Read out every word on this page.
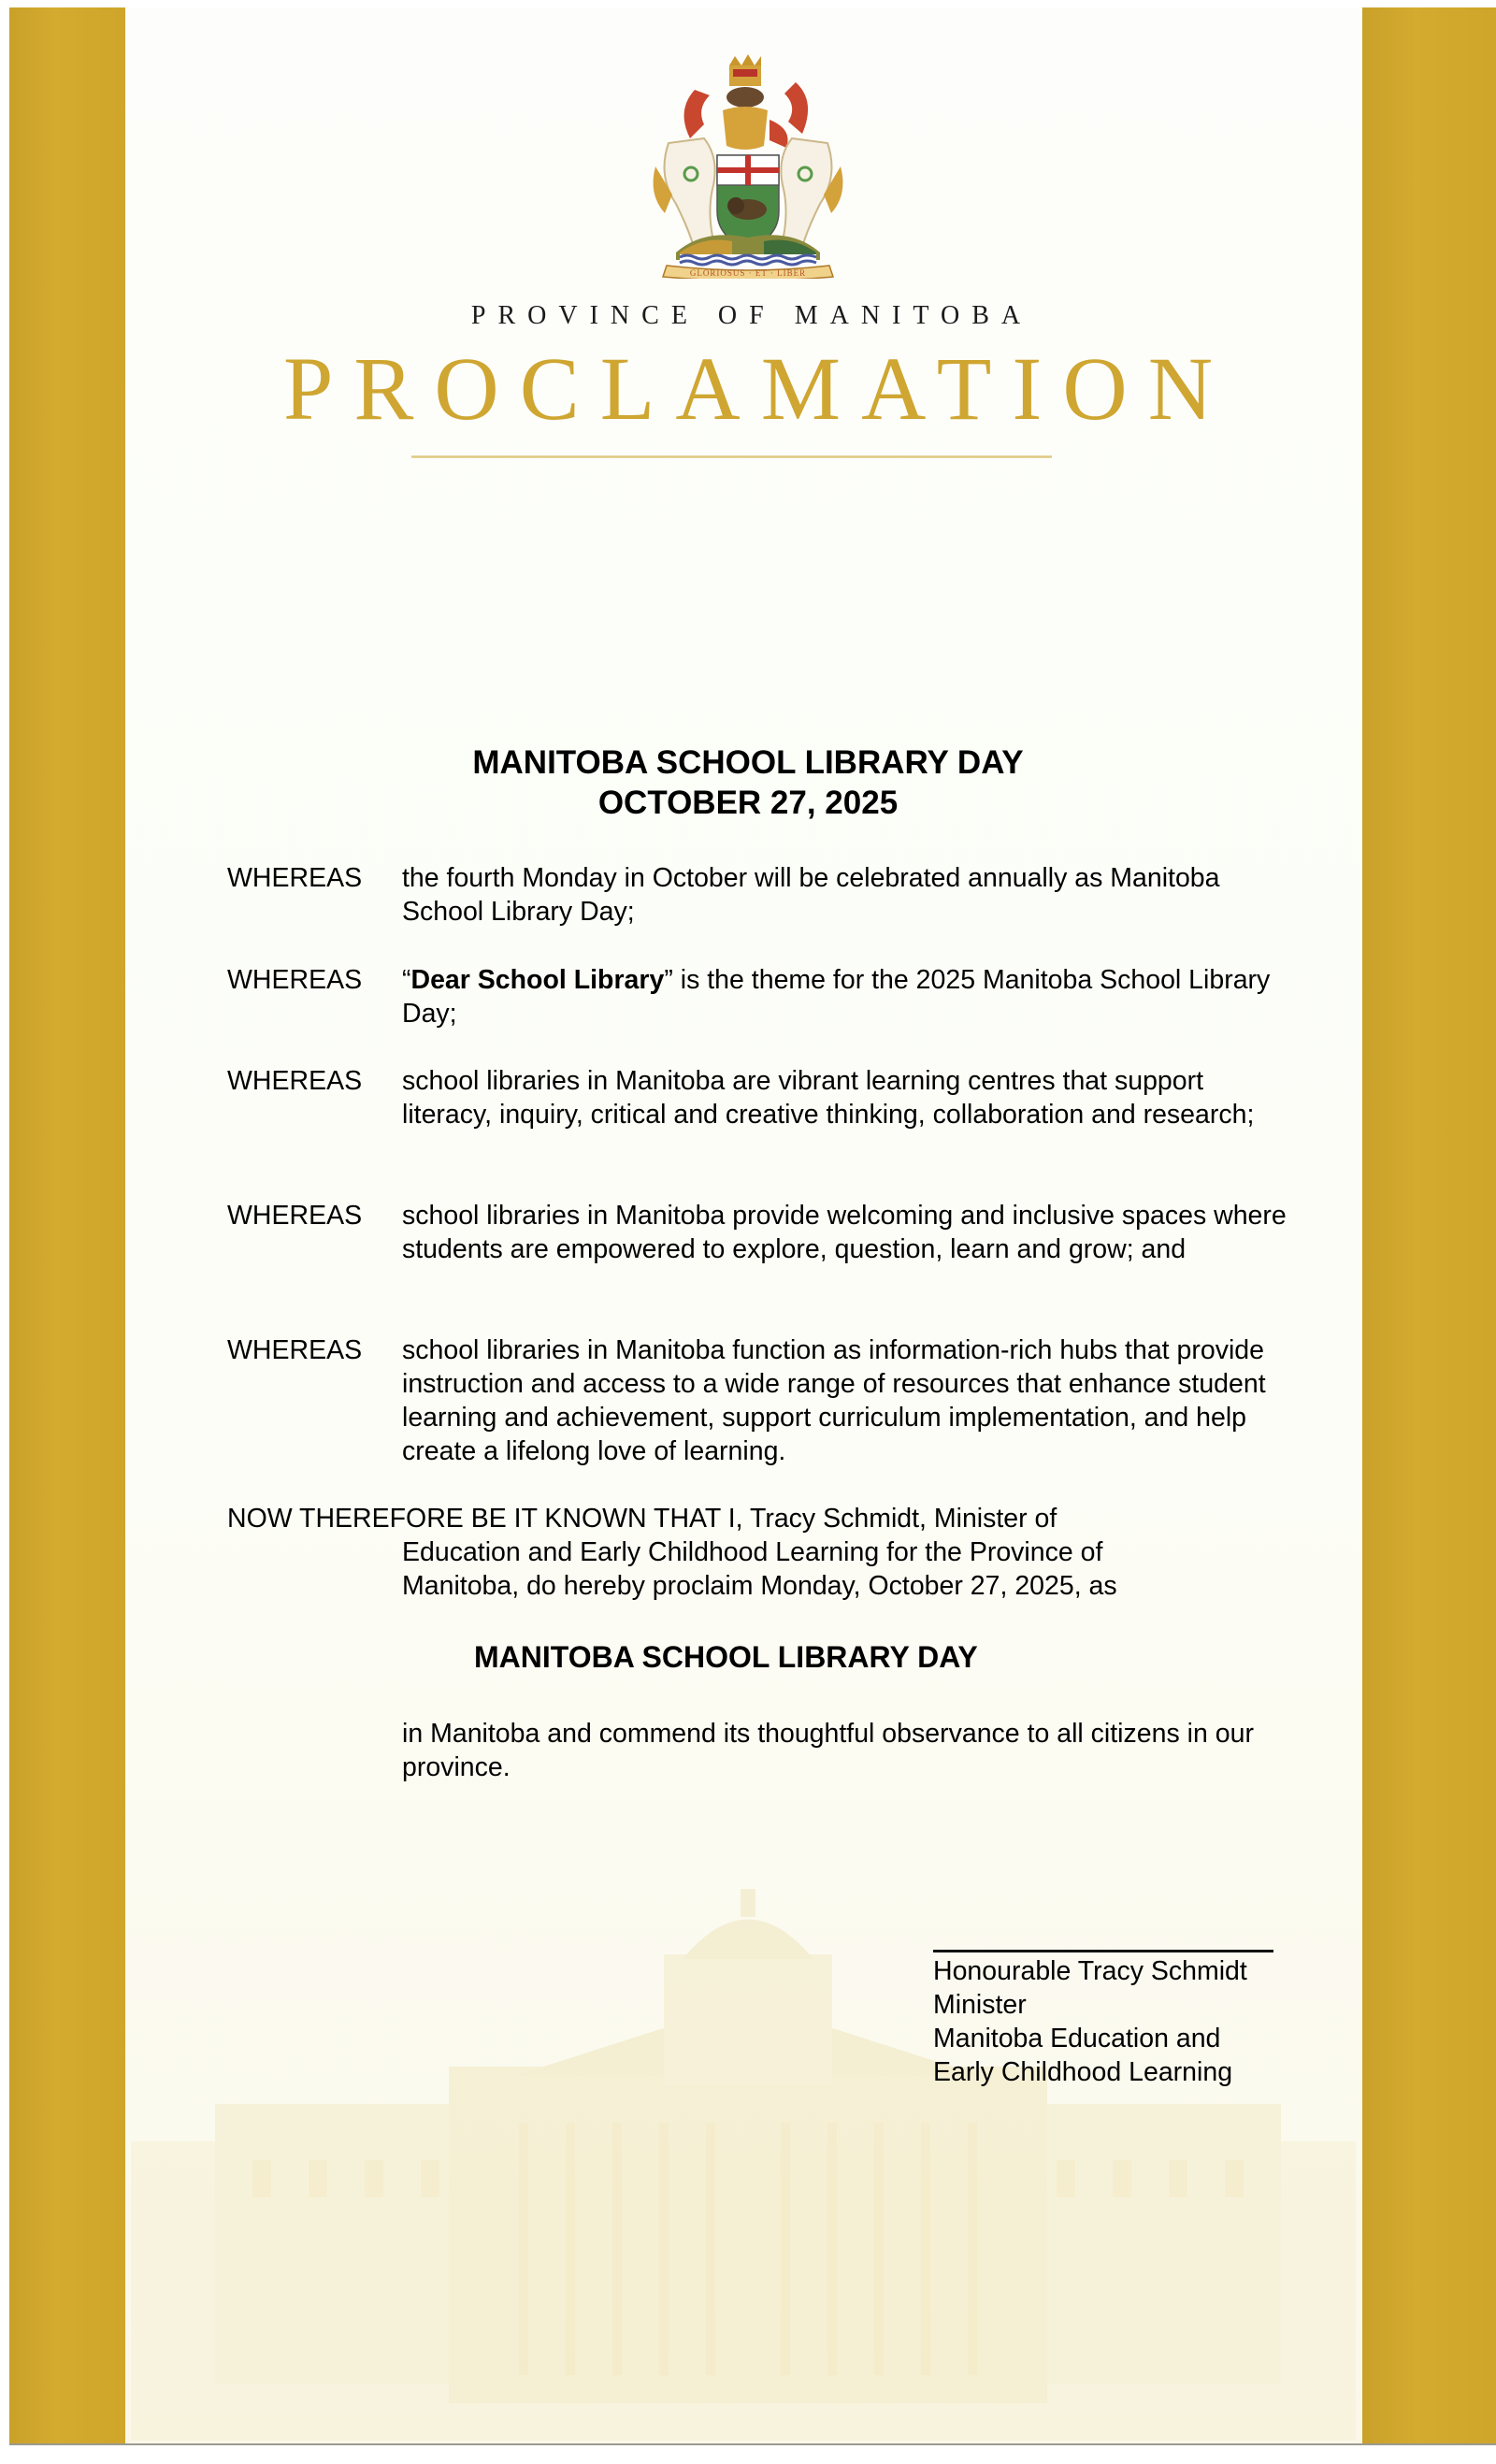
GLORIOSUS · ET · LIBER
PROVINCE OF MANITOBA
PROCLAMATION
MANITOBA SCHOOL LIBRARY DAY
OCTOBER 27, 2025
WHEREAS the fourth Monday in October will be celebrated annually as Manitoba School Library Day;
WHEREAS “Dear School Library” is the theme for the 2025 Manitoba School Library Day;
WHEREAS school libraries in Manitoba are vibrant learning centres that support literacy, inquiry, critical and creative thinking, collaboration and research;
WHEREAS school libraries in Manitoba provide welcoming and inclusive spaces where students are empowered to explore, question, learn and grow; and
WHEREAS school libraries in Manitoba function as information-rich hubs that provide instruction and access to a wide range of resources that enhance student learning and achievement, support curriculum implementation, and help create a lifelong love of learning.
NOW THEREFORE BE IT KNOWN THAT I, Tracy Schmidt, Minister of
Education and Early Childhood Learning for the Province of
Manitoba, do hereby proclaim Monday, October 27, 2025, as
MANITOBA SCHOOL LIBRARY DAY
in Manitoba and commend its thoughtful observance to all citizens in our province.
Honourable Tracy Schmidt
Minister
Manitoba Education and
Early Childhood Learning
